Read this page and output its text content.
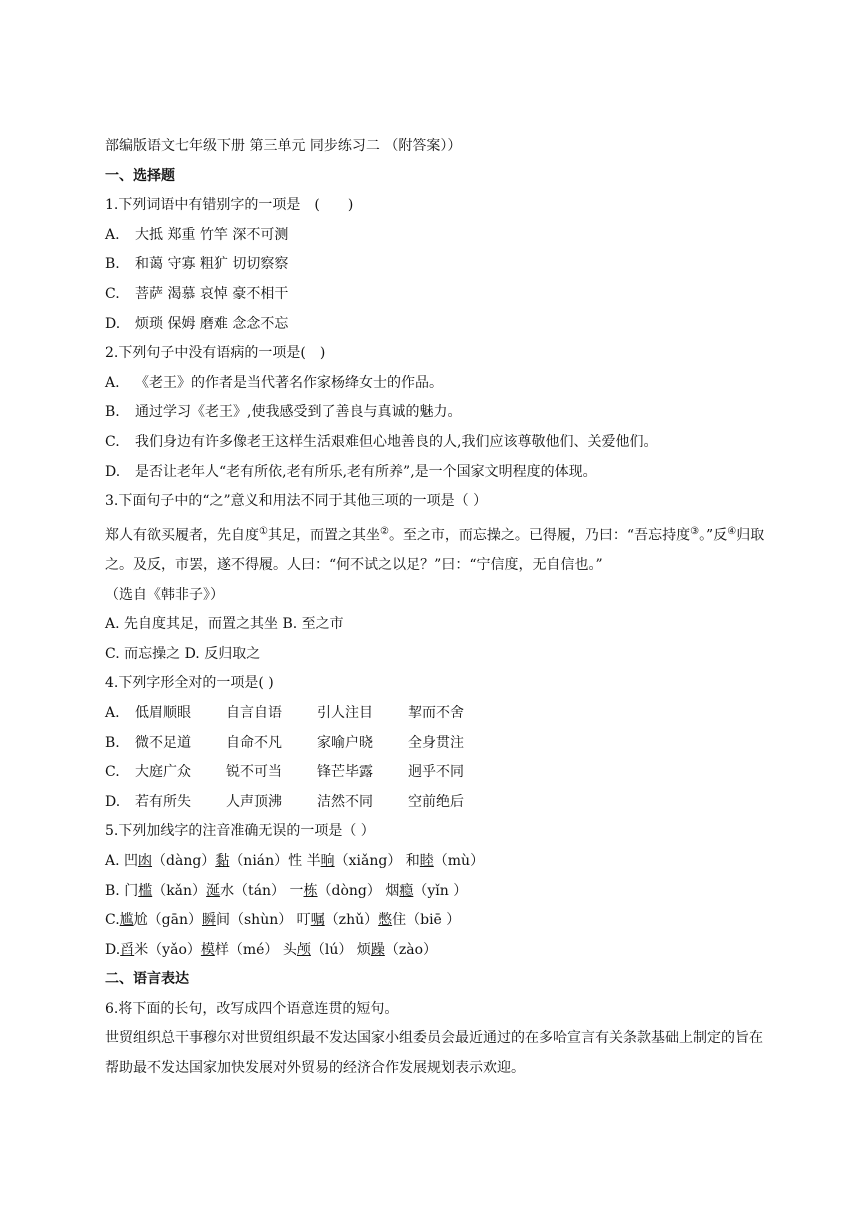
部编版语文七年级下册 第三单元 同步练习二 （附答案））
一、选择题
1.下列词语中有错别字的一项是　(　　)
A. 大抵 郑重 竹竿 深不可测
B. 和蔼 守寡 粗犷 切切察察
C. 菩萨 渴慕 哀悼 豪不相干
D. 烦琐 保姆 磨难 念念不忘
2.下列句子中没有语病的一项是(　)
A. 《老王》的作者是当代著名作家杨绛女士的作品。
B. 通过学习《老王》,使我感受到了善良与真诚的魅力。
C. 我们身边有许多像老王这样生活艰难但心地善良的人,我们应该尊敬他们、关爱他们。
D. 是否让老年人“老有所依,老有所乐,老有所养”,是一个国家文明程度的体现。
3.下面句子中的“之”意义和用法不同于其他三项的一项是（ ）
郑人有欲买履者，先自度①其足，而置之其坐②。至之市，而忘操之。已得履，乃曰：“吾忘持度③。”反④归取之。及反，市罢，遂不得履。人曰：“何不试之以足？”曰：“宁信度，无自信也。”
（选自《韩非子》）
A. 先自度其足，而置之其坐 B. 至之市
C. 而忘操之 D. 反归取之
4.下列字形全对的一项是( )
A. 低眉顺眼	自言自语	引人注目	挈而不舍
B. 微不足道	自命不凡	家喻户晓	全身贯注
C. 大庭广众	锐不可当	锋芒毕露	迥乎不同
D. 若有所失	人声顶沸	洁然不同	空前绝后
5.下列加线字的注音准确无误的一项是（ ）
A. 凹凼（dàng）黏（nián）性 半晌（xiǎng） 和睦（mù）
B. 门槛（kǎn）涎水（tán） 一栋（dòng） 烟瘾（yǐn ）
C.尴尬（gān）瞬间（shùn） 叮嘱（zhǔ）憋住（biē ）
D.舀米（yǎo）模样（mé） 头颅（lú） 烦躁（zào）
二、语言表达
6.将下面的长句，改写成四个语意连贯的短句。
世贸组织总干事穆尔对世贸组织最不发达国家小组委员会最近通过的在多哈宣言有关条款基础上制定的旨在帮助最不发达国家加快发展对外贸易的经济合作发展规划表示欢迎。
